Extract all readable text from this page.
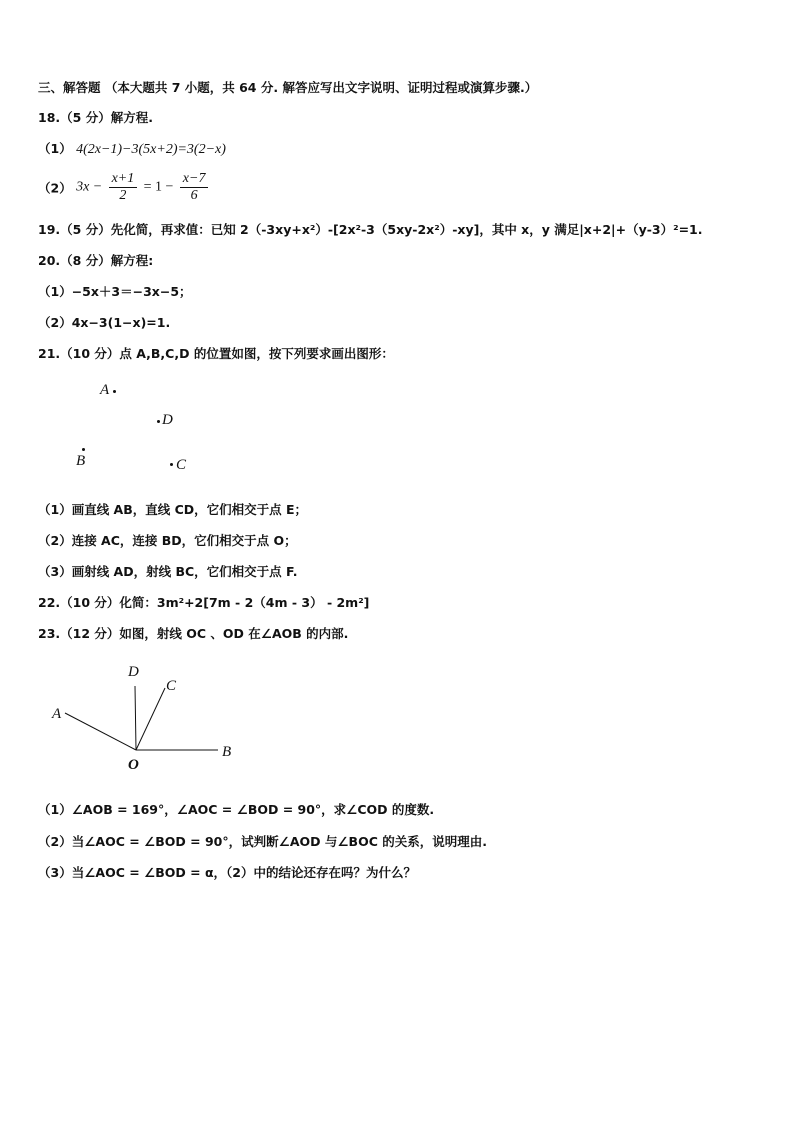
三、解答题 （本大题共 7 小题，共 64 分. 解答应写出文字说明、证明过程或演算步骤.）
18.（5 分）解方程.
（1） 4(2x−1)−3(5x+2)=3(2−x)
（2） $3x - \frac{x+1}{2} = 1 - \frac{x-7}{6}$
19.（5 分）先化简，再求值：已知 2（-3xy+x²）-[2x²-3（5xy-2x²）-xy]，其中 x，y 满足|x+2|+（y-3）²=1.
20.（8 分）解方程:
（1）−5x＋3＝−3x−5；
（2）4x−3(1−x)=1.
21.（10 分）点 A,B,C,D 的位置如图，按下列要求画出图形：
A
D
B	C
（1）画直线 AB，直线 CD，它们相交于点 E；
（2）连接 AC，连接 BD，它们相交于点 O；
（3）画射线 AD，射线 BC，它们相交于点 F.
22.（10 分）化简：3m²+2[7m - 2（4m - 3） - 2m²]
23.（12 分）如图，射线 OC 、OD 在∠AOB 的内部.
D
C
A
B
O
（1）∠AOB = 169°，∠AOC = ∠BOD = 90°，求∠COD 的度数.
（2）当∠AOC = ∠BOD = 90°，试判断∠AOD 与∠BOC 的关系，说明理由.
（3）当∠AOC = ∠BOD = α，（2）中的结论还存在吗？为什么？
